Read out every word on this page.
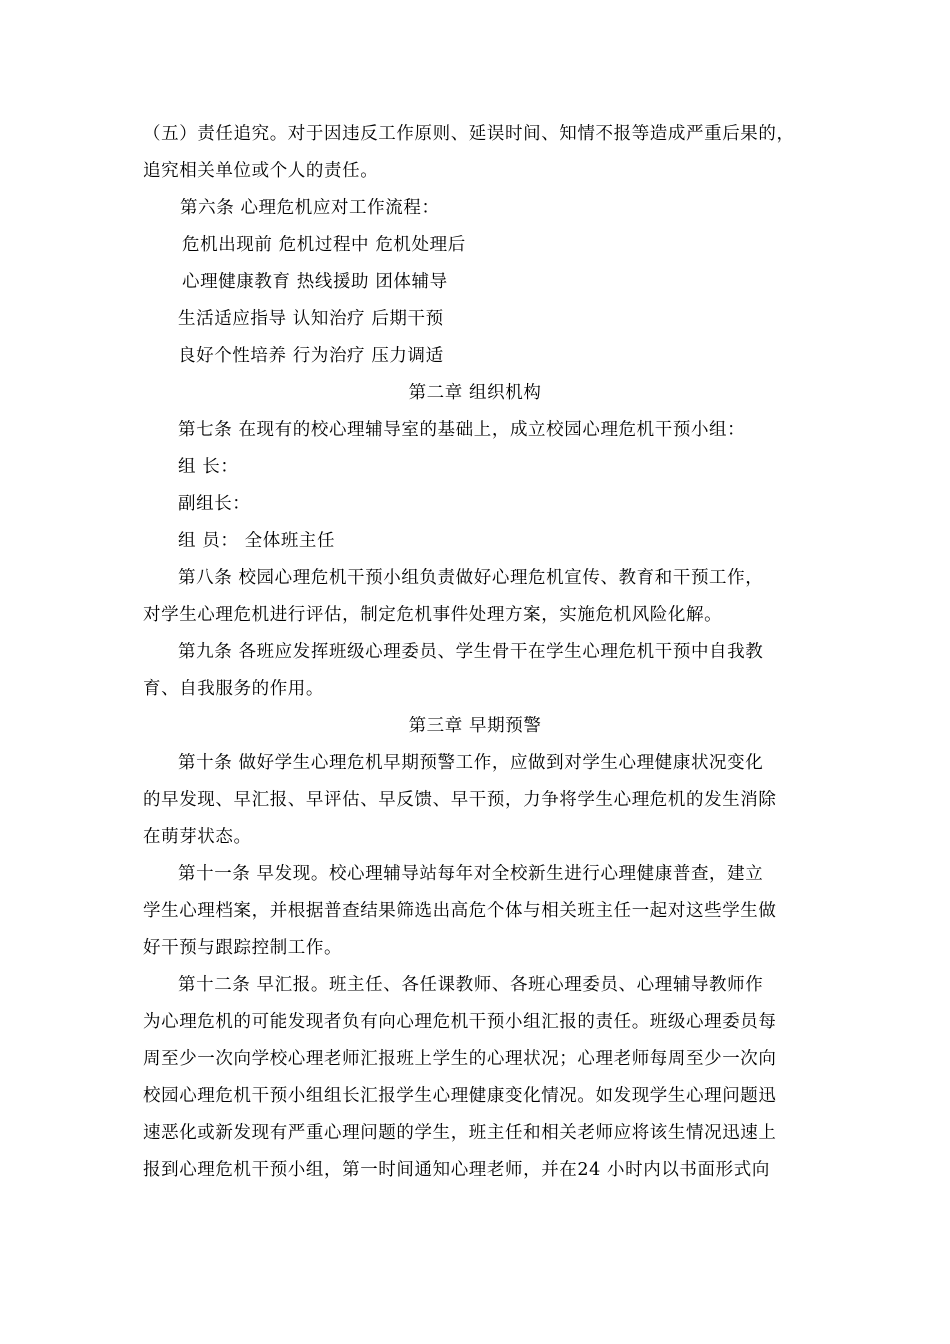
（五）责任追究。对于因违反工作原则、延误时间、知情不报等造成严重后果的，
追究相关单位或个人的责任。
第六条 心理危机应对工作流程：
危机出现前 危机过程中 危机处理后
心理健康教育 热线援助 团体辅导
生活适应指导 认知治疗 后期干预
良好个性培养 行为治疗 压力调适
第二章 组织机构
第七条 在现有的校心理辅导室的基础上，成立校园心理危机干预小组：
组 长：
副组长：
组 员： 全体班主任
第八条 校园心理危机干预小组负责做好心理危机宣传、教育和干预工作，
对学生心理危机进行评估，制定危机事件处理方案，实施危机风险化解。
第九条 各班应发挥班级心理委员、学生骨干在学生心理危机干预中自我教
育、自我服务的作用。
第三章 早期预警
第十条 做好学生心理危机早期预警工作，应做到对学生心理健康状况变化
的早发现、早汇报、早评估、早反馈、早干预，力争将学生心理危机的发生消除
在萌芽状态。
第十一条 早发现。校心理辅导站每年对全校新生进行心理健康普查，建立
学生心理档案，并根据普查结果筛选出高危个体与相关班主任一起对这些学生做
好干预与跟踪控制工作。
第十二条 早汇报。班主任、各任课教师、各班心理委员、心理辅导教师作
为心理危机的可能发现者负有向心理危机干预小组汇报的责任。班级心理委员每
周至少一次向学校心理老师汇报班上学生的心理状况；心理老师每周至少一次向
校园心理危机干预小组组长汇报学生心理健康变化情况。如发现学生心理问题迅
速恶化或新发现有严重心理问题的学生，班主任和相关老师应将该生情况迅速上
报到心理危机干预小组，第一时间通知心理老师，并在24 小时内以书面形式向
